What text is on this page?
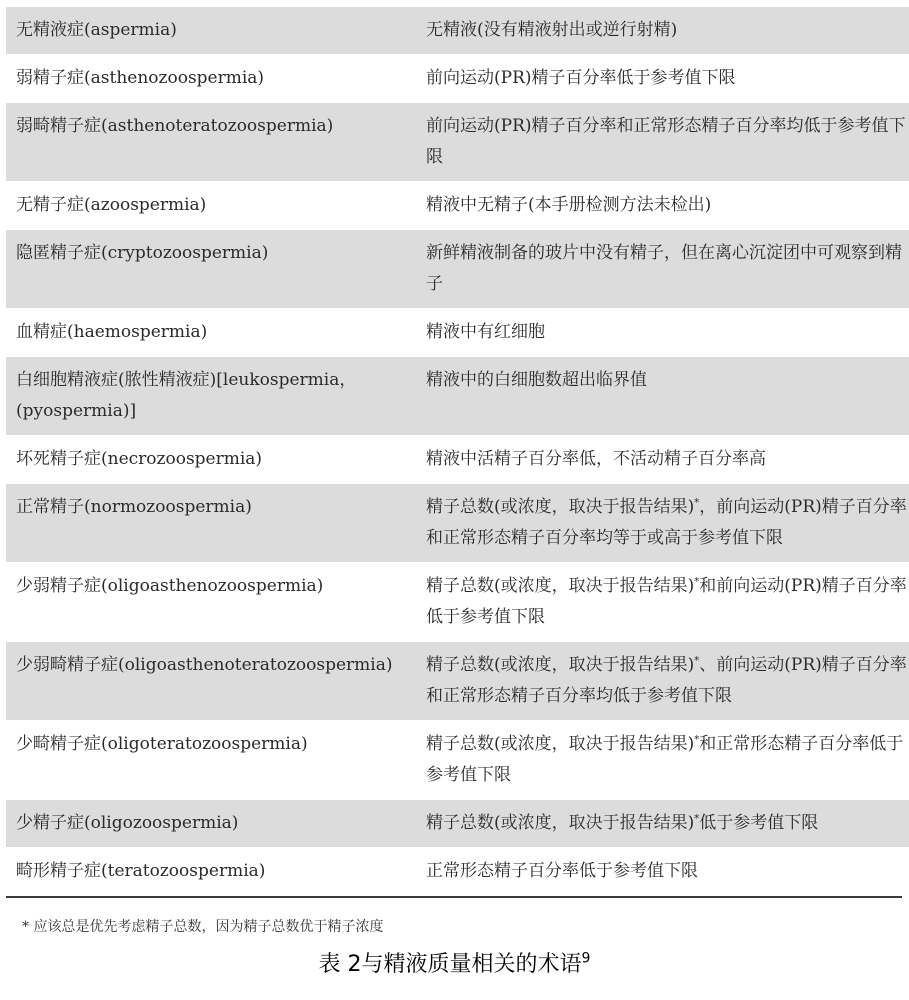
无精液症(aspermia)	无精液(没有精液射出或逆行射精)
弱精子症(asthenozoospermia)	前向运动(PR)精子百分率低于参考值下限
弱畸精子症(asthenoteratozoospermia)	前向运动(PR)精子百分率和正常形态精子百分率均低于参考值下限
无精子症(azoospermia)	精液中无精子(本手册检测方法未检出)
隐匿精子症(cryptozoospermia)	新鲜精液制备的玻片中没有精子，但在离心沉淀团中可观察到精子
血精症(haemospermia)	精液中有红细胞
白细胞精液症(脓性精液症)[leukospermia，(pyospermia)]	精液中的白细胞数超出临界值
坏死精子症(necrozoospermia)	精液中活精子百分率低，不活动精子百分率高
正常精子(normozoospermia)	精子总数(或浓度，取决于报告结果)*，前向运动(PR)精子百分率和正常形态精子百分率均等于或高于参考值下限
少弱精子症(oligoasthenozoospermia)	精子总数(或浓度，取决于报告结果)*和前向运动(PR)精子百分率低于参考值下限
少弱畸精子症(oligoasthenoteratozoospermia)	精子总数(或浓度，取决于报告结果)*、前向运动(PR)精子百分率和正常形态精子百分率均低于参考值下限
少畸精子症(oligoteratozoospermia)	精子总数(或浓度，取决于报告结果)*和正常形态精子百分率低于参考值下限
少精子症(oligozoospermia)	精子总数(或浓度，取决于报告结果)*低于参考值下限
畸形精子症(teratozoospermia)	正常形态精子百分率低于参考值下限
* 应该总是优先考虑精子总数，因为精子总数优于精子浓度
表 2与精液质量相关的术语$^9$
